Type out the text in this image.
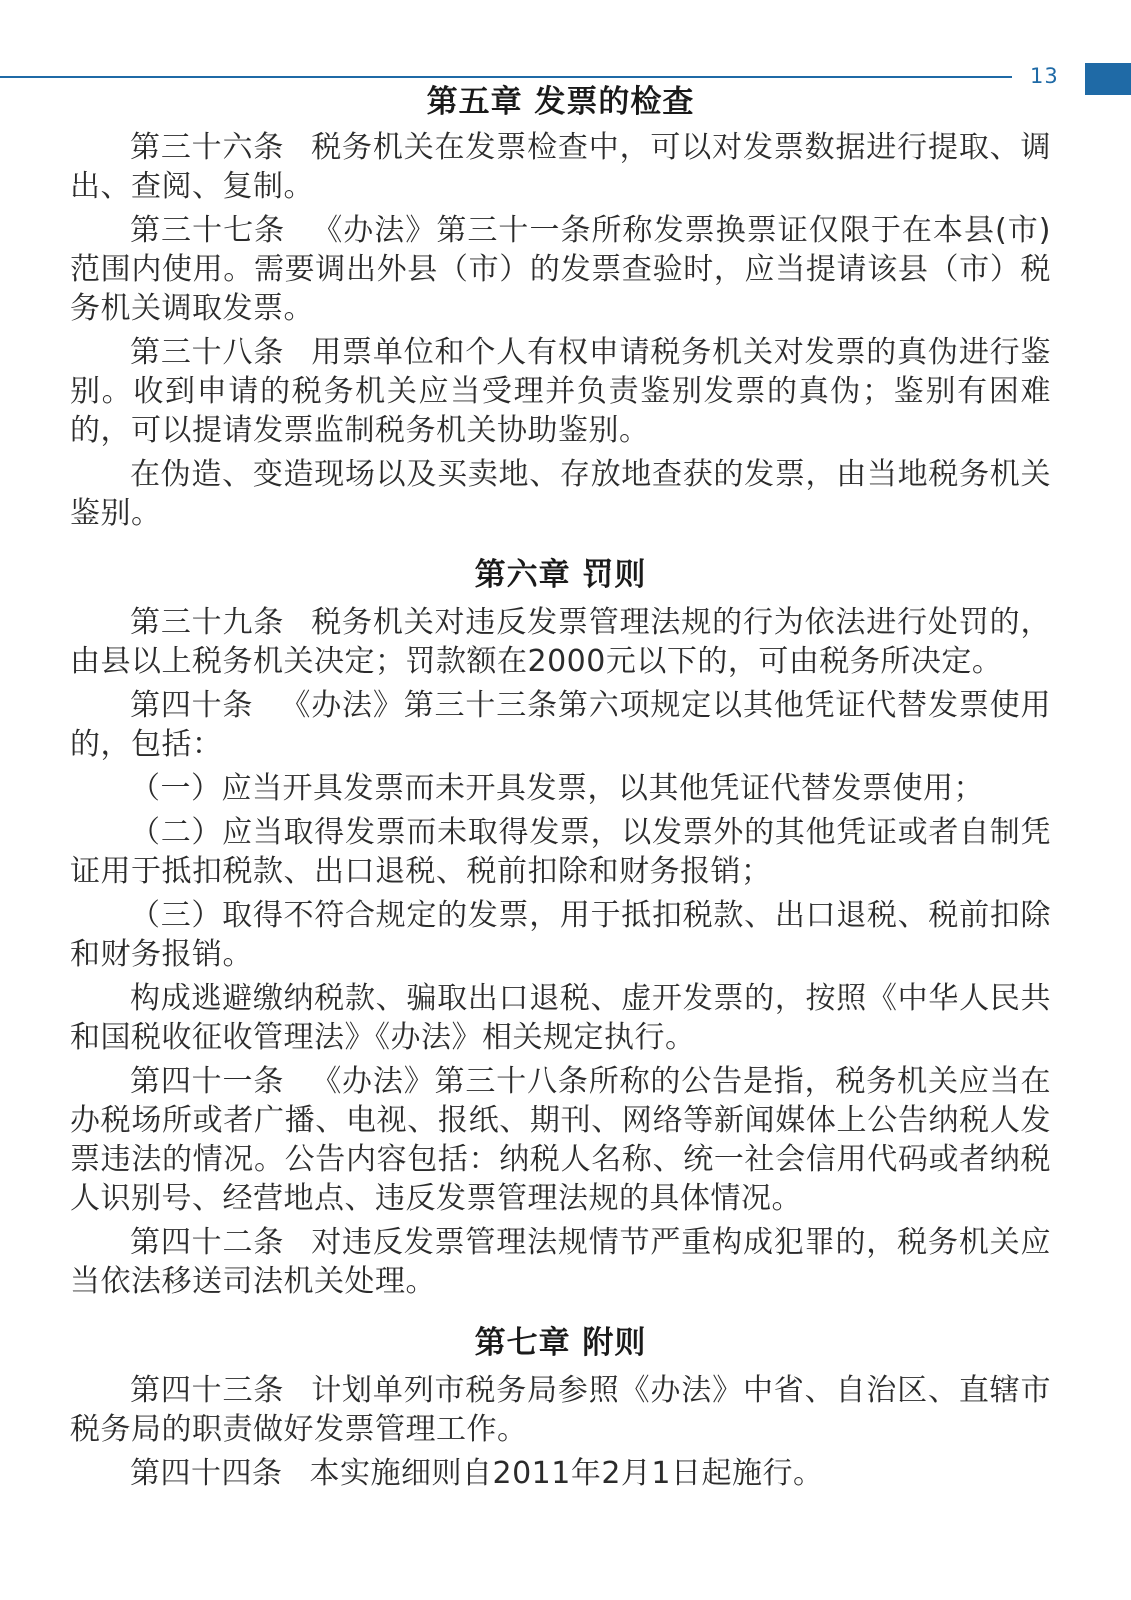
13
第五章 发票的检查

第三十六条 税务机关在发票检查中，可以对发票数据进行提取、调出、查阅、复制。

第三十七条 《办法》第三十一条所称发票换票证仅限于在本县(市)范围内使用。需要调出外县（市）的发票查验时，应当提请该县（市）税务机关调取发票。

第三十八条 用票单位和个人有权申请税务机关对发票的真伪进行鉴别。收到申请的税务机关应当受理并负责鉴别发票的真伪；鉴别有困难的，可以提请发票监制税务机关协助鉴别。

在伪造、变造现场以及买卖地、存放地查获的发票，由当地税务机关鉴别。

第六章 罚则

第三十九条 税务机关对违反发票管理法规的行为依法进行处罚的，由县以上税务机关决定；罚款额在2000元以下的，可由税务所决定。

第四十条 《办法》第三十三条第六项规定以其他凭证代替发票使用的，包括：

（一）应当开具发票而未开具发票，以其他凭证代替发票使用；

（二）应当取得发票而未取得发票，以发票外的其他凭证或者自制凭证用于抵扣税款、出口退税、税前扣除和财务报销；

（三）取得不符合规定的发票，用于抵扣税款、出口退税、税前扣除和财务报销。

构成逃避缴纳税款、骗取出口退税、虚开发票的，按照《中华人民共和国税收征收管理法》《办法》相关规定执行。

第四十一条 《办法》第三十八条所称的公告是指，税务机关应当在办税场所或者广播、电视、报纸、期刊、网络等新闻媒体上公告纳税人发票违法的情况。公告内容包括：纳税人名称、统一社会信用代码或者纳税人识别号、经营地点、违反发票管理法规的具体情况。

第四十二条 对违反发票管理法规情节严重构成犯罪的，税务机关应当依法移送司法机关处理。

第七章 附则

第四十三条 计划单列市税务局参照《办法》中省、自治区、直辖市税务局的职责做好发票管理工作。

第四十四条 本实施细则自2011年2月1日起施行。
